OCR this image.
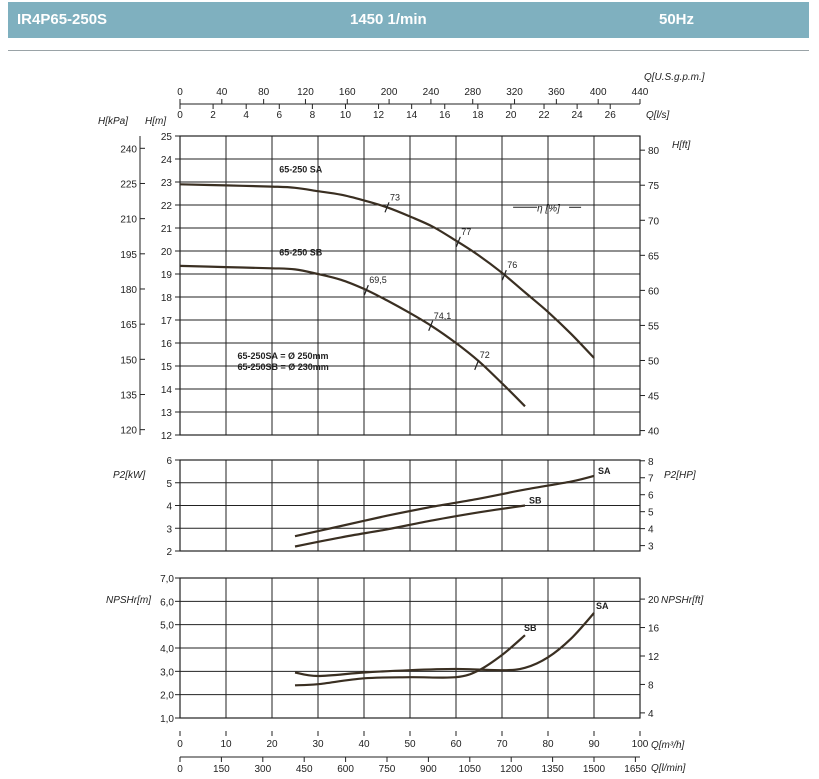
IR4P65-250S	1450 1/min	50Hz
0	40	80	120	160	200	240	280	320	360	400	440
0	2	4	6	8 10 12 14 16 18 20 22 24 26
Q[U.S.g.p.m.]
Q[l/s]
12
13
14
15
16
17
18
19
20
21
22
23
24
25
120
135
150
165
180
195
210
225
240
H[kPa] H[m]
40
45
50
55
60
65
70
75
80
H[ft]
65-250 SA
65-250 SB
73
77
76
69,5
74,1
72
η [%]
65-250SA = Ø 250mm
65-250SB = Ø 230mm
2
3
4
5
6
P2[kW]
3
4
5
6
7
8
P2[HP]
SA
SB
1,0
2,0
3,0
4,0
5,0
6,0
7,0
NPSHr[m]
4
8
12
16
20 NPSHr[ft]
SA
SB
0	10	20	30	40	50	60	70	80	90	100
0	150 300 450 600 750 900 1050 1200 1350 1500 1650
Q[m³/h]
Q[l/min]
